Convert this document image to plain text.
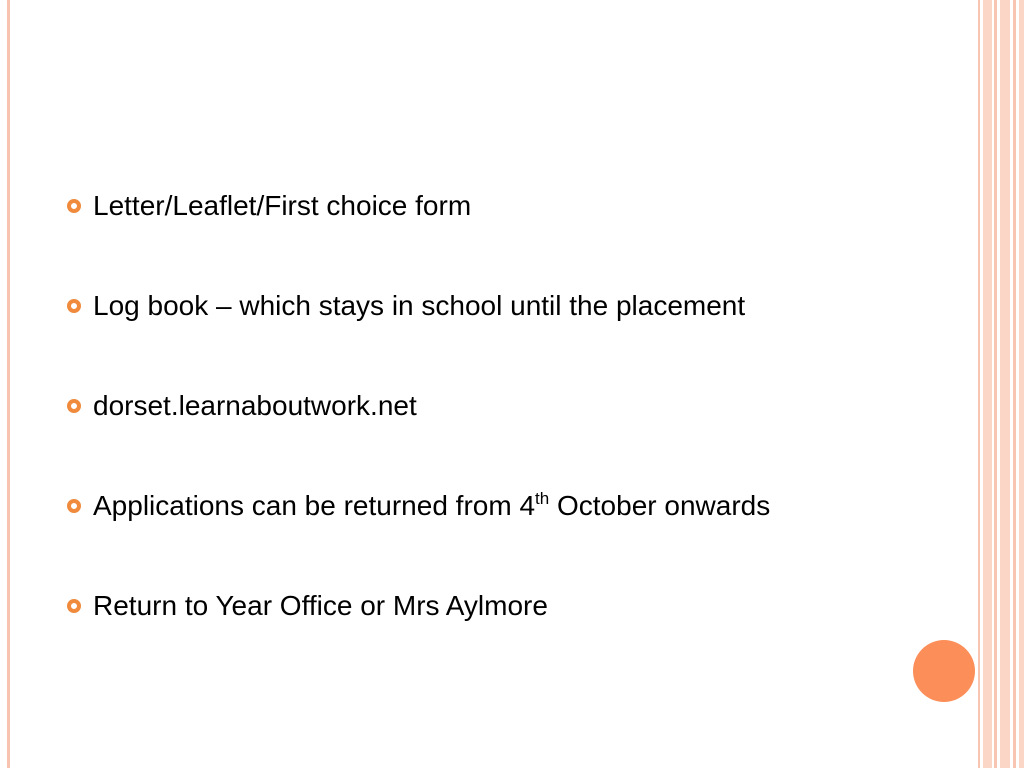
Letter/Leaflet/First choice form
Log book – which stays in school until the placement
dorset.learnaboutwork.net
Applications can be returned from 4th October onwards
Return to Year Office or Mrs Aylmore
